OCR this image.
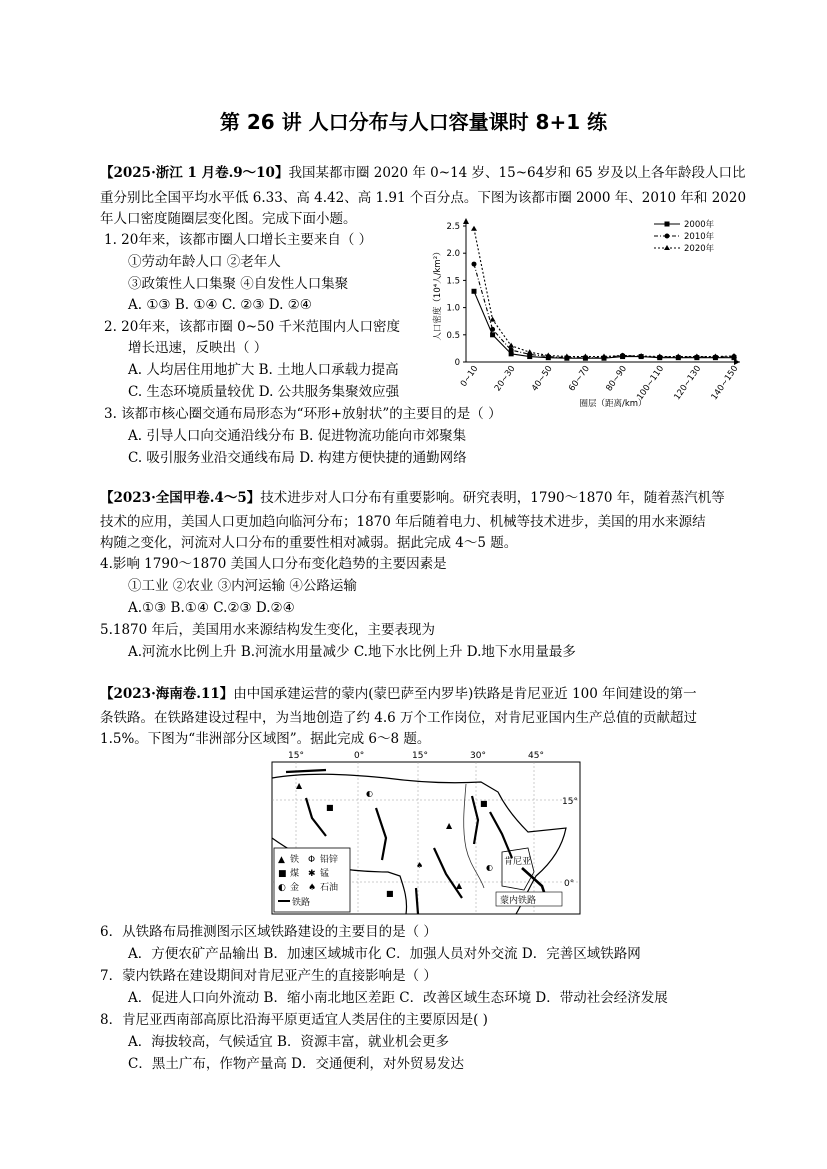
第 26 讲 人口分布与人口容量课时 8+1 练
【2025·浙江 1 月卷.9～10】我国某都市圈 2020 年 0~14 岁、15~64岁和 65 岁及以上各年龄段人口比
重分别比全国平均水平低 6.33、高 4.42、高 1.91 个百分点。下图为该都市圈 2000 年、2010 年和 2020
年人口密度随圈层变化图。完成下面小题。
1. 20年来，该都市圈人口增长主要来自（ ）
①劳动年龄人口 ②老年人
③政策性人口集聚 ④自发性人口集聚
A. ①③ B. ①④ C. ②③ D. ②④
2. 20年来，该都市圈 0~50 千米范围内人口密度
增长迅速，反映出（ ）
A. 人均居住用地扩大 B. 土地人口承载力提高
C. 生态环境质量较优 D. 公共服务集聚效应强
3. 该都市核心圈交通布局形态为“环形+放射状”的主要目的是（ ）
A. 引导人口向交通沿线分布 B. 促进物流功能向市郊聚集
C. 吸引服务业沿交通线布局 D. 构建方便快捷的通勤网络
0
0.5
1.0
1.5
2.0
2.5
人口密度（10⁴人/km²）
0~10 20~30 40~50 60~70 80~90 100~110 120~130 140~150
圈层（距离/km）
2000年
2010年
2020年
【2023·全国甲卷.4～5】技术进步对人口分布有重要影响。研究表明，1790～1870 年，随着蒸汽机等
技术的应用，美国人口更加趋向临河分布；1870 年后随着电力、机械等技术进步，美国的用水来源结
构随之变化，河流对人口分布的重要性相对减弱。据此完成 4～5 题。
4.影响 1790～1870 美国人口分布变化趋势的主要因素是
①工业 ②农业 ③内河运输 ④公路运输
A.①③ B.①④ C.②③ D.②④
5.1870 年后，美国用水来源结构发生变化，主要表现为
A.河流水比例上升 B.河流水用量减少 C.地下水比例上升 D.地下水用量最多
【2023·海南卷.11】由中国承建运营的蒙内(蒙巴萨至内罗毕)铁路是肯尼亚近 100 年间建设的第一
条铁路。在铁路建设过程中，为当地创造了约 4.6 万个工作岗位，对肯尼亚国内生产总值的贡献超过
1.5%。下图为“非洲部分区域图”。据此完成 6～8 题。
15°	0°	15°	30°	45°
15°
0°
肯尼亚
蒙内铁路
▲ 铁 Φ 铅锌
■ 煤 ✱ 锰
◐ 金 ♠ 石油
铁路
▲
■
◐
▲
■
♠
■
▲
◐
6．从铁路布局推测图示区域铁路建设的主要目的是（ ）
A．方便农矿产品输出 B．加速区域城市化 C．加强人员对外交流 D．完善区域铁路网
7．蒙内铁路在建设期间对肯尼亚产生的直接影响是（ ）
A．促进人口向外流动 B．缩小南北地区差距 C．改善区域生态环境 D．带动社会经济发展
8．肯尼亚西南部高原比沿海平原更适宜人类居住的主要原因是( )
A．海拔较高，气候适宜 B．资源丰富，就业机会更多
C．黑土广布，作物产量高 D．交通便利，对外贸易发达
